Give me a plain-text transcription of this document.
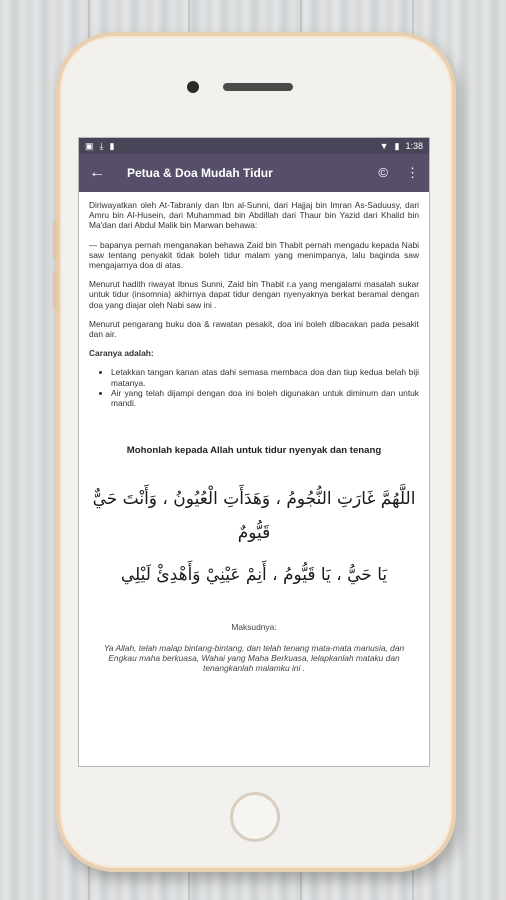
▣ ⤓ ▮	▼ ▮ 1:38
←	Petua & Doa Mudah Tidur	© ⋮

Diriwayatkan oleh At-Tabraniy dan Ibn al-Sunni, dari Hajjaj bin Imran As-Saduusy, dari Amru bin Al-Husein, dari Muhammad bin Abdillah dari Thaur bin Yazid dari Khalid bin Ma'dan dari Abdul Malik bin Marwan behawa:

— bapanya pernah menganakan behawa Zaid bin Thabit pernah mengadu kepada Nabi saw tentang penyakit tidak boleh tidur malam yang menimpanya, lalu baginda saw mengajarnya doa di atas.

Menurut hadith riwayat Ibnus Sunni, Zaid bin Thabit r.a yang mengalami masalah sukar untuk tidur (insomnia) akhirnya dapat tidur dengan nyenyaknya berkat beramal dengan doa yang diajar oleh Nabi saw ini .

Menurut pengarang buku doa & rawatan pesakit, doa ini boleh dibacakan pada pesakit dan air.

Caranya adalah:

• Letakkan tangan kanan atas dahi semasa membaca doa dan tiup kedua belah biji matanya.
• Air yang telah dijampi dengan doa ini boleh digunakan untuk diminum dan untuk mandi.
Mohonlah kepada Allah untuk tidur nyenyak dan tenang
اللَّهُمَّ غَارَتِ النُّجُومُ ، وَهَدَأَتِ الْعُيُونُ ، وَأَنْتَ حَيٌّ قَيُّومٌ
يَا حَيُّ ، يَا قَيُّومُ ، أَنِمْ عَيْنِيْ وَأَهْدِئْ لَيْلِي
Maksudnya:
Ya Allah, telah malap bintang-bintang, dan telah tenang mata-mata manusia, dan Engkau maha berkuasa, Wahai yang Maha Berkuasa, lelapkanlah mataku dan tenangkanlah malamku ini .
